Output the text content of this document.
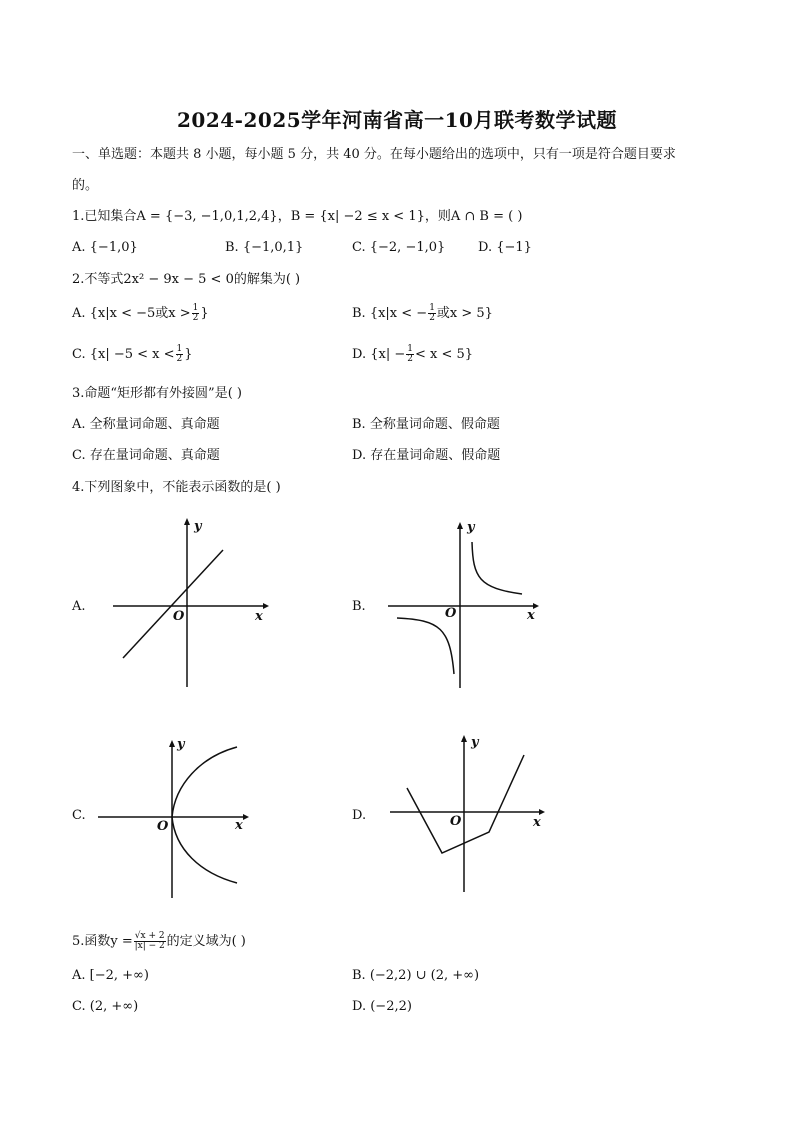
2024-2025学年河南省高一10月联考数学试题
一、单选题：本题共 8 小题，每小题 5 分，共 40 分。在每小题给出的选项中，只有一项是符合题目要求
的。
1.已知集合A = {−3, −1,0,1,2,4}，B = {x| −2 ≤ x < 1}，则A ∩ B = ( )
A. {−1,0}	B. {−1,0,1}	C. {−2, −1,0}	D. {−1}
2.不等式2x² − 9x − 5 < 0的解集为( )
A. {x|x < −5或$x > \frac{1}{2}$ }	B. {x|x < − $\frac{1}{2}$ 或x > 5}
C. {$x| -5 < x < \frac{1}{2}$ }	D. $\{x| - \frac{1}{2} < x < 5\}$
3.命题“矩形都有外接圆”是( )
A. 全称量词命题、真命题	B. 全称量词命题、假命题
C. 存在量词命题、真命题	D. 存在量词命题、假命题
4.下列图象中，不能表示函数的是( )
A.	B.
C.	D.
y
x
O
y
x
O
y
x
O
y
x
O
5.函数$y = \frac{√x + 2}{|x| - 2}$ 的定义域为( )
A. [−2, +∞)	B. (−2,2) ∪ (2, +∞)
C. (2, +∞)	D. (−2,2)
